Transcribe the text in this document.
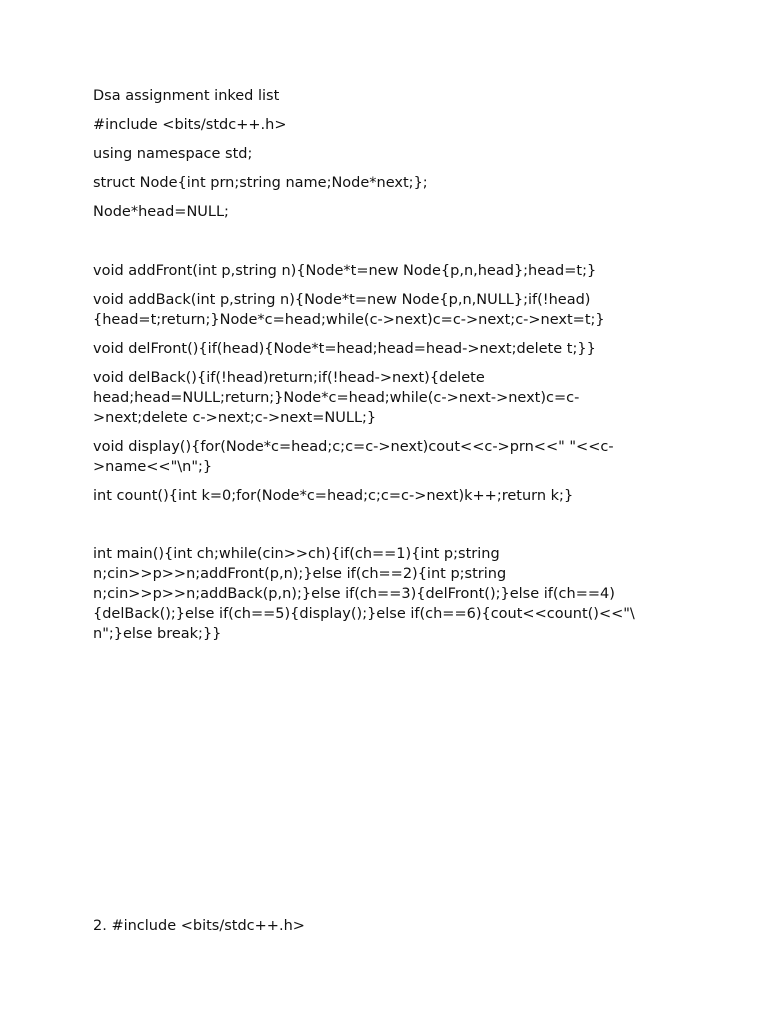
Dsa assignment inked list

#include <bits/stdc++.h>

using namespace std;

struct Node{int prn;string name;Node*next;};

Node*head=NULL;

void addFront(int p,string n){Node*t=new Node{p,n,head};head=t;}

void addBack(int p,string n){Node*t=new Node{p,n,NULL};if(!head)

{head=t;return;}Node*c=head;while(c->next)c=c->next;c->next=t;}

void delFront(){if(head){Node*t=head;head=head->next;delete t;}}

void delBack(){if(!head)return;if(!head->next){delete

head;head=NULL;return;}Node*c=head;while(c->next->next)c=c-

>next;delete c->next;c->next=NULL;}

void display(){for(Node*c=head;c;c=c->next)cout<<c->prn<<" "<<c-

>name<<"\n";}

int count(){int k=0;for(Node*c=head;c;c=c->next)k++;return k;}

int main(){int ch;while(cin>>ch){if(ch==1){int p;string

n;cin>>p>>n;addFront(p,n);}else if(ch==2){int p;string

n;cin>>p>>n;addBack(p,n);}else if(ch==3){delFront();}else if(ch==4)

{delBack();}else if(ch==5){display();}else if(ch==6){cout<<count()<<"\

n";}else break;}}

2. #include <bits/stdc++.h>
